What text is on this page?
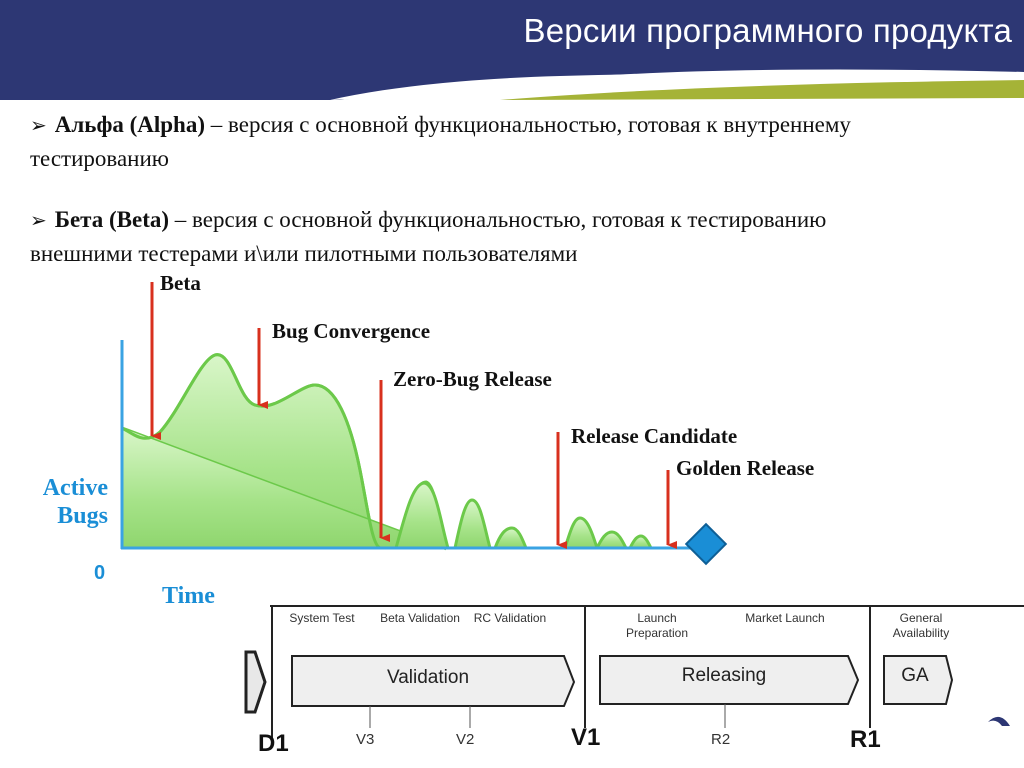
Версии программного продукта
➢ Альфа (Alpha) – версия с основной функциональностью, готовая к внутреннему тестированию
➢ Бета (Beta) – версия с основной функциональностью, готовая к тестированию внешними тестерами и\или пилотными пользователями
Beta
Bug Convergence
Zero-Bug Release
Release Candidate
Golden Release
Active
Bugs
0
Time
System Test	Beta Validation	RC Validation	Launch Preparation
Market Launch	General Availability
Validation	Releasing	GA
D1	V3	V2	V1	R2	R1
